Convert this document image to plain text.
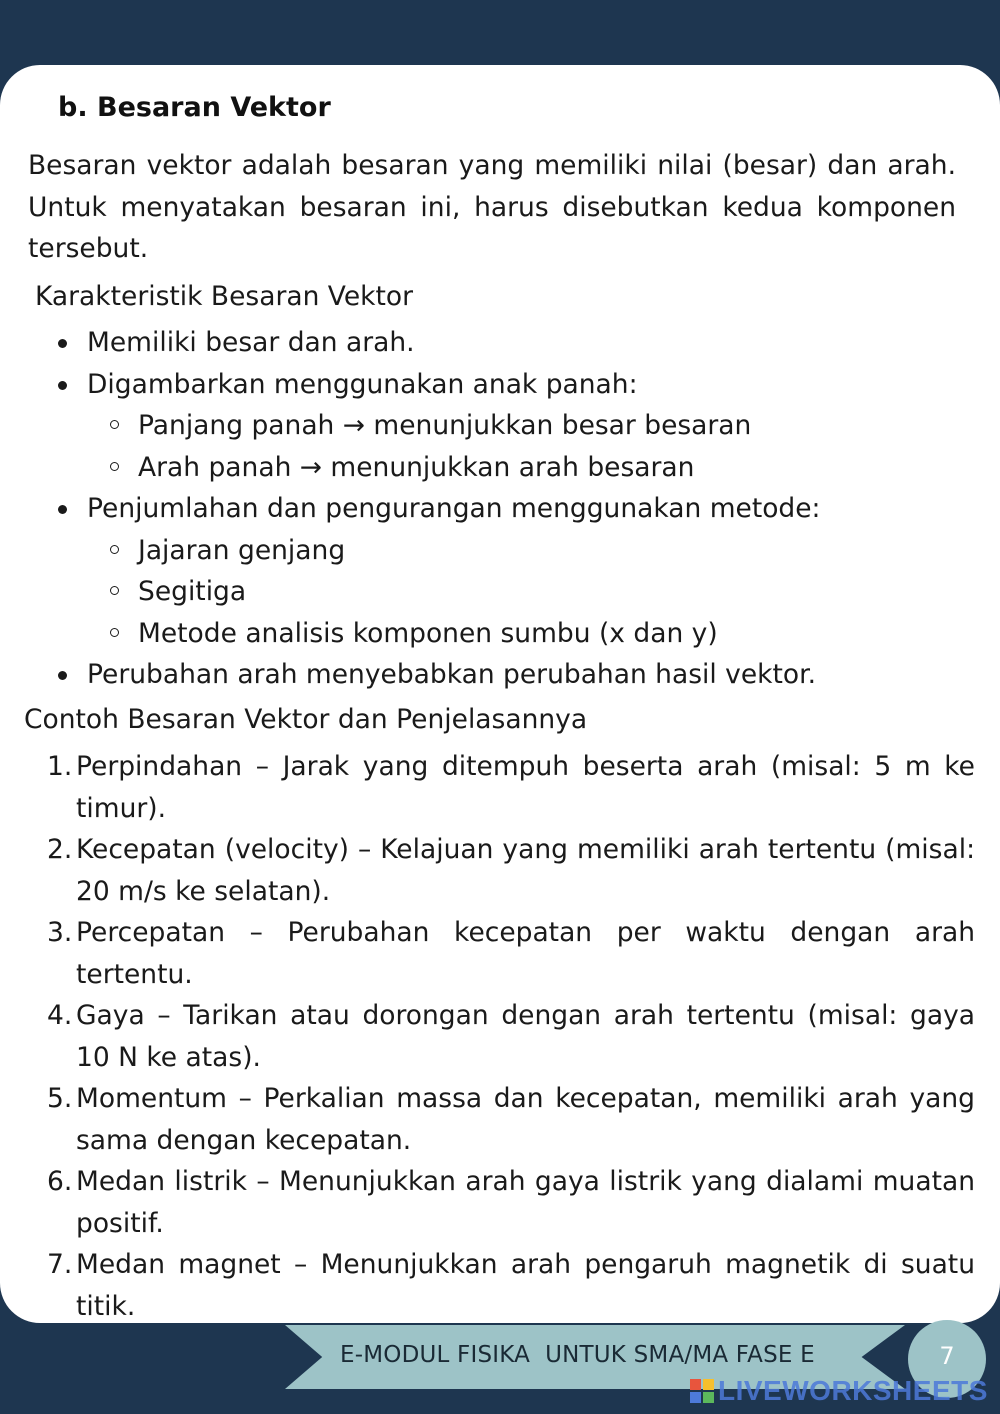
b. Besaran Vektor

Besaran vektor adalah besaran yang memiliki nilai (besar) dan arah. Untuk menyatakan besaran ini, harus disebutkan kedua komponen tersebut.

Karakteristik Besaran Vektor
Memiliki besar dan arah.
Digambarkan menggunakan anak panah:
Panjang panah → menunjukkan besar besaran
Arah panah → menunjukkan arah besaran
Penjumlahan dan pengurangan menggunakan metode:
Jajaran genjang
Segitiga
Metode analisis komponen sumbu (x dan y)
Perubahan arah menyebabkan perubahan hasil vektor.
Contoh Besaran Vektor dan Penjelasannya
1. Perpindahan – Jarak yang ditempuh beserta arah (misal: 5 m ke timur).
2. Kecepatan (velocity) – Kelajuan yang memiliki arah tertentu (misal: 20 m/s ke selatan).
3. Percepatan – Perubahan kecepatan per waktu dengan arah tertentu.
4. Gaya – Tarikan atau dorongan dengan arah tertentu (misal: gaya 10 N ke atas).
5. Momentum – Perkalian massa dan kecepatan, memiliki arah yang sama dengan kecepatan.
6. Medan listrik – Menunjukkan arah gaya listrik yang dialami muatan positif.
7. Medan magnet – Menunjukkan arah pengaruh magnetik di suatu titik.
E-MODUL FISIKA  UNTUK SMA/MA FASE E	7
LIVEWORKSHEETS
